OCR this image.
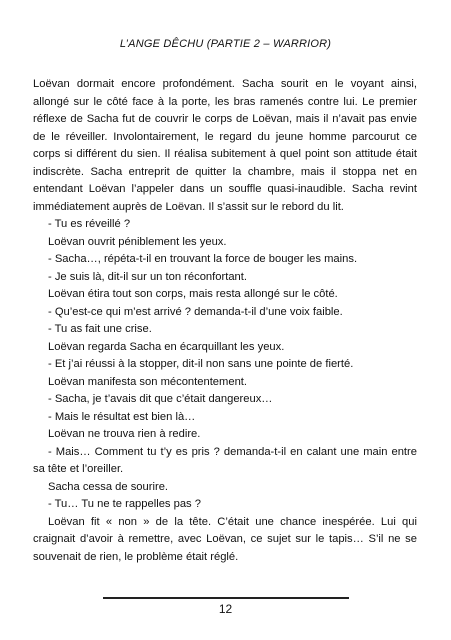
L’ANGE DÊCHU (PARTIE 2 – WARRIOR)

Loëvan dormait encore profondément. Sacha sourit en le voyant ainsi, allongé sur le côté face à la porte, les bras ramenés contre lui. Le premier réflexe de Sacha fut de couvrir le corps de Loëvan, mais il n’avait pas envie de le réveiller. Involontairement, le regard du jeune homme parcourut ce corps si différent du sien. Il réalisa subitement à quel point son attitude était indiscrète. Sacha entreprit de quitter la chambre, mais il stoppa net en entendant Loëvan l’appeler dans un souffle quasi-inaudible. Sacha revint immédiatement auprès de Loëvan. Il s’assit sur le rebord du lit.

- Tu es réveillé ?

Loëvan ouvrit péniblement les yeux.

- Sacha…, répéta-t-il en trouvant la force de bouger les mains.

- Je suis là, dit-il sur un ton réconfortant.

Loëvan étira tout son corps, mais resta allongé sur le côté.

- Qu’est-ce qui m’est arrivé ? demanda-t-il d’une voix faible.

- Tu as fait une crise.

Loëvan regarda Sacha en écarquillant les yeux.

- Et j’ai réussi à la stopper, dit-il non sans une pointe de fierté.

Loëvan manifesta son mécontentement.

- Sacha, je t’avais dit que c’était dangereux…

- Mais le résultat est bien là…

Loëvan ne trouva rien à redire.

- Mais… Comment tu t’y es pris ? demanda-t-il en calant une main entre sa tête et l’oreiller.

Sacha cessa de sourire.

- Tu… Tu ne te rappelles pas ?

Loëvan fit « non » de la tête. C’était une chance inespérée. Lui qui craignait d’avoir à remettre, avec Loëvan, ce sujet sur le tapis… S’il ne se souvenait de rien, le problème était réglé.

12
